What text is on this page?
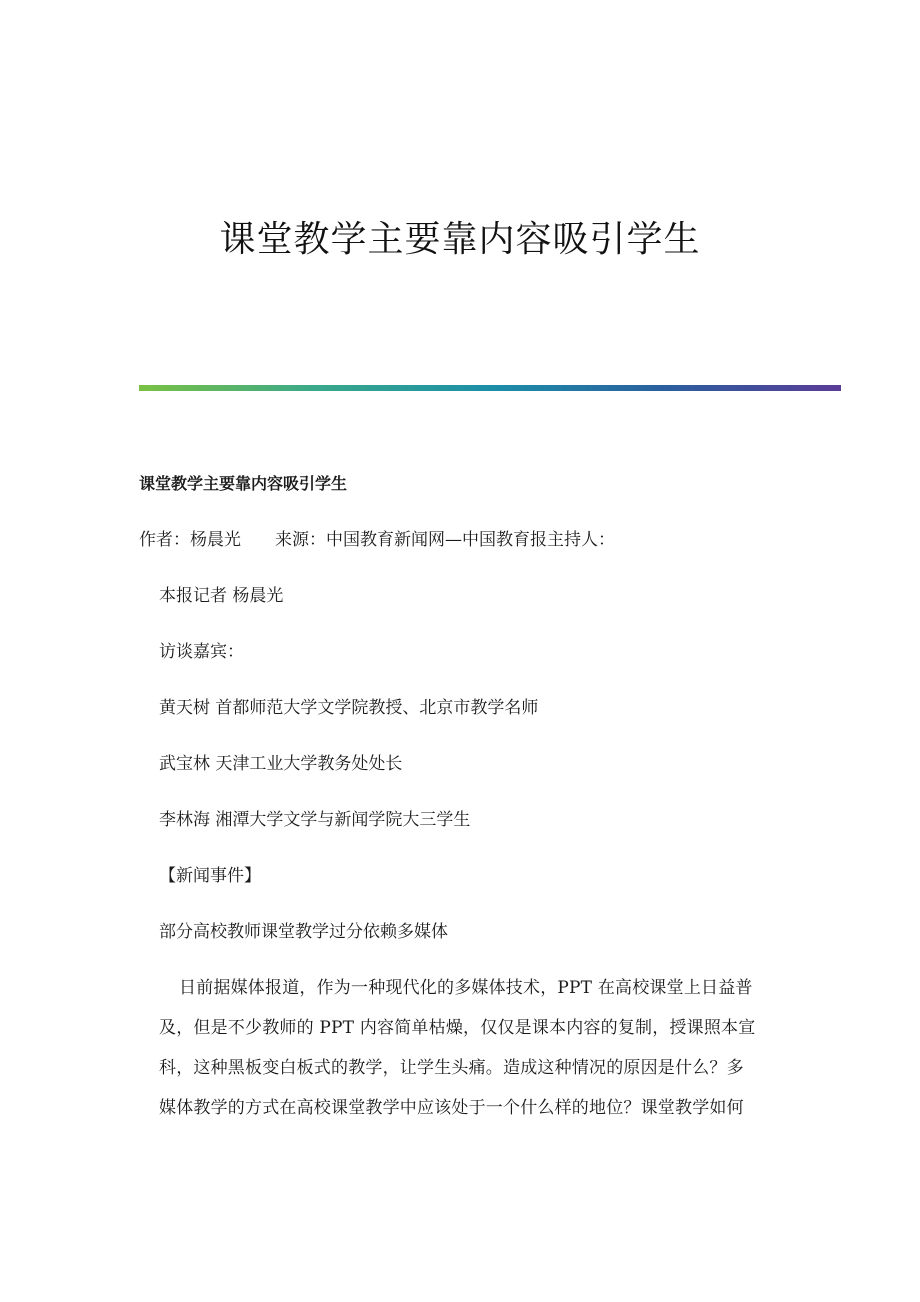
课堂教学主要靠内容吸引学生

课堂教学主要靠内容吸引学生

作者：杨晨光 来源：中国教育新闻网—中国教育报主持人：

本报记者 杨晨光

访谈嘉宾：

黄天树 首都师范大学文学院教授、北京市教学名师

武宝林 天津工业大学教务处处长

李林海 湘潭大学文学与新闻学院大三学生

【新闻事件】

部分高校教师课堂教学过分依赖多媒体

日前据媒体报道，作为一种现代化的多媒体技术，PPT 在高校课堂上日益普
及，但是不少教师的 PPT 内容简单枯燥，仅仅是课本内容的复制，授课照本宣
科，这种黑板变白板式的教学，让学生头痛。造成这种情况的原因是什么？多
媒体教学的方式在高校课堂教学中应该处于一个什么样的地位？课堂教学如何
